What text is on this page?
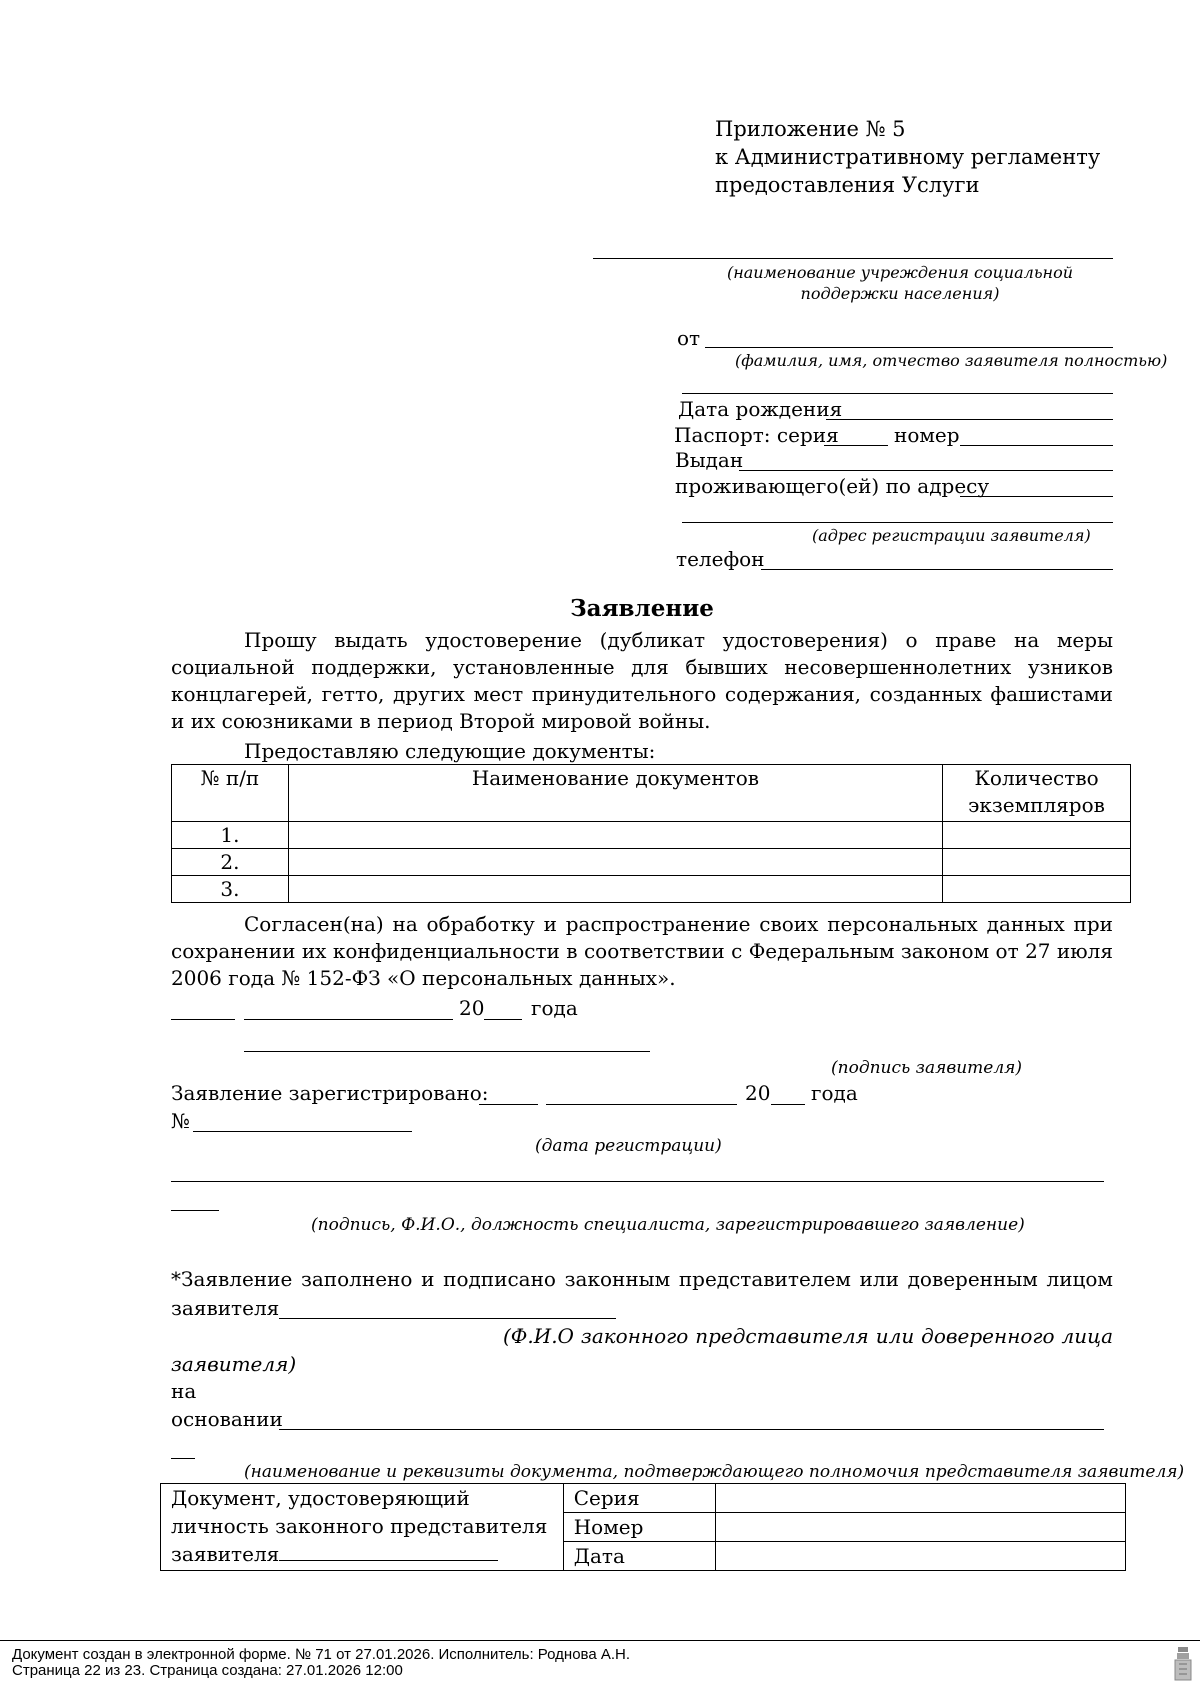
Приложение № 5
к Административному регламенту
предоставления Услуги
(наименование учреждения социальной поддержки населения)
от
(фамилия, имя, отчество заявителя полностью)
Дата рождения
Паспорт: серия	номер
Выдан
проживающего(ей) по адресу
(адрес регистрации заявителя)
телефон
Заявление
Прошу выдать удостоверение (дубликат удостоверения) о праве на меры социальной поддержки, установленные для бывших несовершеннолетних узников концлагерей, гетто, других мест принудительного содержания, созданных фашистами и их союзниками в период Второй мировой войны.
Предоставляю следующие документы:
№ п/п	Наименование документов	Количество экземпляров
1.		
2.		
3.		
Согласен(на) на обработку и распространение своих персональных данных при сохранении их конфиденциальности в соответствии с Федеральным законом от 27 июля 2006 года № 152-ФЗ «О персональных данных».
20 года
(подпись заявителя)
Заявление зарегистрировано:	20 года
№
(дата регистрации)
(подпись, Ф.И.О., должность специалиста, зарегистрировавшего заявление)
*Заявление заполнено и подписано законным представителем или доверенным лицом
заявителя
(Ф.И.О законного представителя или доверенного лица
заявителя)
на
основании
(наименование и реквизиты документа, подтверждающего полномочия представителя заявителя)
Документ, удостоверяющий
личность законного представителя
заявителя	Серия	
	Номер	
	Дата	
Документ создан в электронной форме. № 71 от 27.01.2026. Исполнитель: Роднова А.Н.
Страница 22 из 23. Страница создана: 27.01.2026 12:00
